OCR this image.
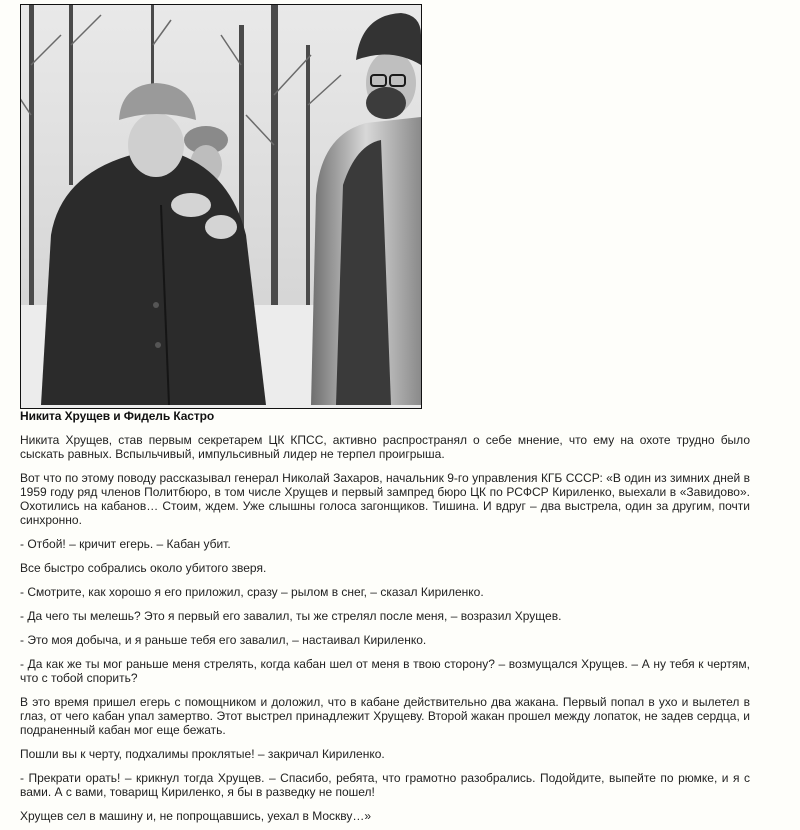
Никита Хрущев и Фидель Кастро

Никита Хрущев, став первым секретарем ЦК КПСС, активно распространял о себе мнение, что ему на охоте трудно было сыскать равных. Вспыльчивый, импульсивный лидер не терпел проигрыша.

Вот что по этому поводу рассказывал генерал Николай Захаров, начальник 9-го управления КГБ СССР: «В один из зимних дней в 1959 году ряд членов Политбюро, в том числе Хрущев и первый зампред бюро ЦК по РСФСР Кириленко, выехали в «Завидово». Охотились на кабанов… Стоим, ждем. Уже слышны голоса загонщиков. Тишина. И вдруг – два выстрела, один за другим, почти синхронно.

- Отбой! – кричит егерь. – Кабан убит.

Все быстро собрались около убитого зверя.

- Смотрите, как хорошо я его приложил, сразу – рылом в снег, – сказал Кириленко.

- Да чего ты мелешь? Это я первый его завалил, ты же стрелял после меня, – возразил Хрущев.

- Это моя добыча, и я раньше тебя его завалил, – настаивал Кириленко.

- Да как же ты мог раньше меня стрелять, когда кабан шел от меня в твою сторону? – возмущался Хрущев. – А ну тебя к чертям, что с тобой спорить?

В это время пришел егерь с помощником и доложил, что в кабане действительно два жакана. Первый попал в ухо и вылетел в глаз, от чего кабан упал замертво. Этот выстрел принадлежит Хрущеву. Второй жакан прошел между лопаток, не задев сердца, и подраненный кабан мог еще бежать.

Пошли вы к черту, подхалимы проклятые! – закричал Кириленко.

- Прекрати орать! – крикнул тогда Хрущев. – Спасибо, ребята, что грамотно разобрались. Подойдите, выпейте по рюмке, и я с вами. А с вами, товарищ Кириленко, я бы в разведку не пошел!

Хрущев сел в машину и, не попрощавшись, уехал в Москву…»
